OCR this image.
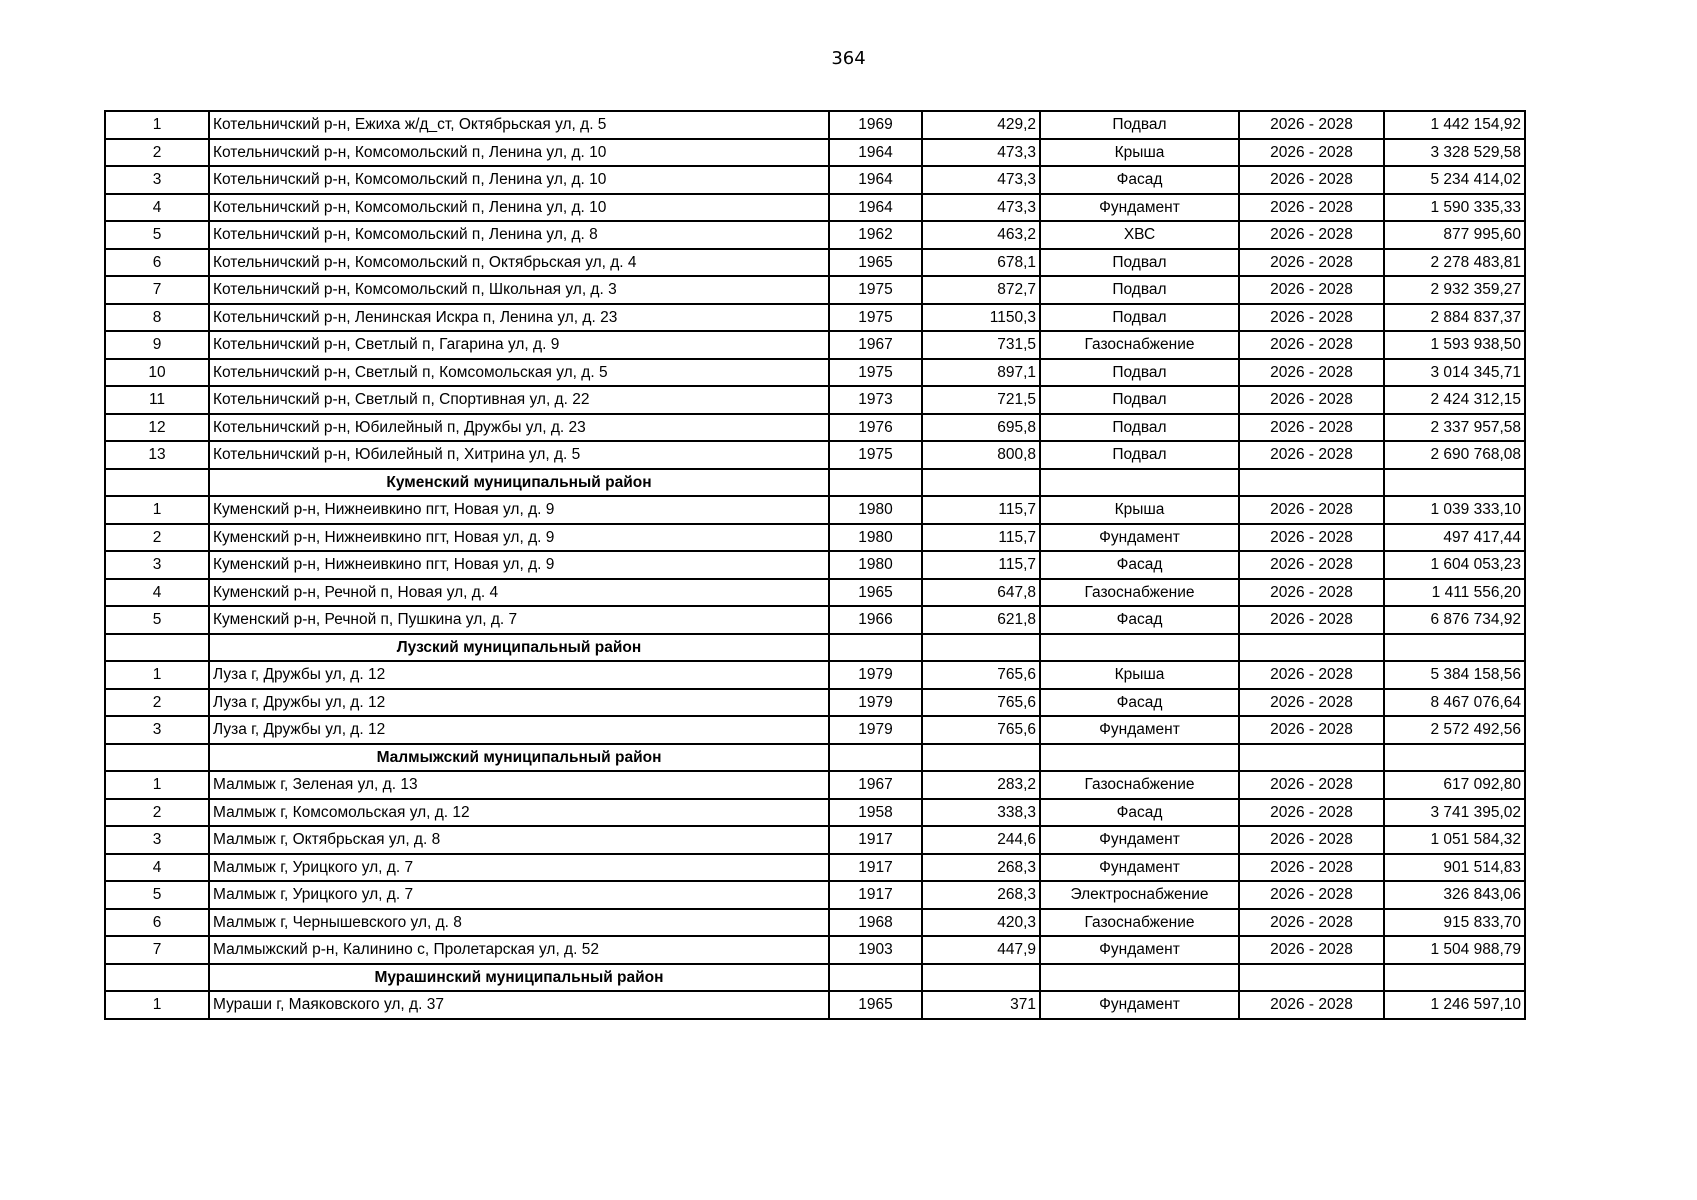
364
1	Котельничский р-н, Ежиха ж/д_ст, Октябрьская ул, д. 5	1969	429,2	Подвал	2026 - 2028	1 442 154,92
2	Котельничский р-н, Комсомольский п, Ленина ул, д. 10	1964	473,3	Крыша	2026 - 2028	3 328 529,58
3	Котельничский р-н, Комсомольский п, Ленина ул, д. 10	1964	473,3	Фасад	2026 - 2028	5 234 414,02
4	Котельничский р-н, Комсомольский п, Ленина ул, д. 10	1964	473,3	Фундамент	2026 - 2028	1 590 335,33
5	Котельничский р-н, Комсомольский п, Ленина ул, д. 8	1962	463,2	ХВС	2026 - 2028	877 995,60
6	Котельничский р-н, Комсомольский п, Октябрьская ул, д. 4	1965	678,1	Подвал	2026 - 2028	2 278 483,81
7	Котельничский р-н, Комсомольский п, Школьная ул, д. 3	1975	872,7	Подвал	2026 - 2028	2 932 359,27
8	Котельничский р-н, Ленинская Искра п, Ленина ул, д. 23	1975	1150,3	Подвал	2026 - 2028	2 884 837,37
9	Котельничский р-н, Светлый п, Гагарина ул, д. 9	1967	731,5	Газоснабжение	2026 - 2028	1 593 938,50
10	Котельничский р-н, Светлый п, Комсомольская ул, д. 5	1975	897,1	Подвал	2026 - 2028	3 014 345,71
11	Котельничский р-н, Светлый п, Спортивная ул, д. 22	1973	721,5	Подвал	2026 - 2028	2 424 312,15
12	Котельничский р-н, Юбилейный п, Дружбы ул, д. 23	1976	695,8	Подвал	2026 - 2028	2 337 957,58
13	Котельничский р-н, Юбилейный п, Хитрина ул, д. 5	1975	800,8	Подвал	2026 - 2028	2 690 768,08
	Куменский муниципальный район					
1	Куменский р-н, Нижнеивкино пгт, Новая ул, д. 9	1980	115,7	Крыша	2026 - 2028	1 039 333,10
2	Куменский р-н, Нижнеивкино пгт, Новая ул, д. 9	1980	115,7	Фундамент	2026 - 2028	497 417,44
3	Куменский р-н, Нижнеивкино пгт, Новая ул, д. 9	1980	115,7	Фасад	2026 - 2028	1 604 053,23
4	Куменский р-н, Речной п, Новая ул, д. 4	1965	647,8	Газоснабжение	2026 - 2028	1 411 556,20
5	Куменский р-н, Речной п, Пушкина ул, д. 7	1966	621,8	Фасад	2026 - 2028	6 876 734,92
	Лузский муниципальный район					
1	Луза г, Дружбы ул, д. 12	1979	765,6	Крыша	2026 - 2028	5 384 158,56
2	Луза г, Дружбы ул, д. 12	1979	765,6	Фасад	2026 - 2028	8 467 076,64
3	Луза г, Дружбы ул, д. 12	1979	765,6	Фундамент	2026 - 2028	2 572 492,56
	Малмыжский муниципальный район					
1	Малмыж г, Зеленая ул, д. 13	1967	283,2	Газоснабжение	2026 - 2028	617 092,80
2	Малмыж г, Комсомольская ул, д. 12	1958	338,3	Фасад	2026 - 2028	3 741 395,02
3	Малмыж г, Октябрьская ул, д. 8	1917	244,6	Фундамент	2026 - 2028	1 051 584,32
4	Малмыж г, Урицкого ул, д. 7	1917	268,3	Фундамент	2026 - 2028	901 514,83
5	Малмыж г, Урицкого ул, д. 7	1917	268,3	Электроснабжение	2026 - 2028	326 843,06
6	Малмыж г, Чернышевского ул, д. 8	1968	420,3	Газоснабжение	2026 - 2028	915 833,70
7	Малмыжский р-н, Калинино с, Пролетарская ул, д. 52	1903	447,9	Фундамент	2026 - 2028	1 504 988,79
	Мурашинский муниципальный район					
1	Мураши г, Маяковского ул, д. 37	1965	371	Фундамент	2026 - 2028	1 246 597,10
